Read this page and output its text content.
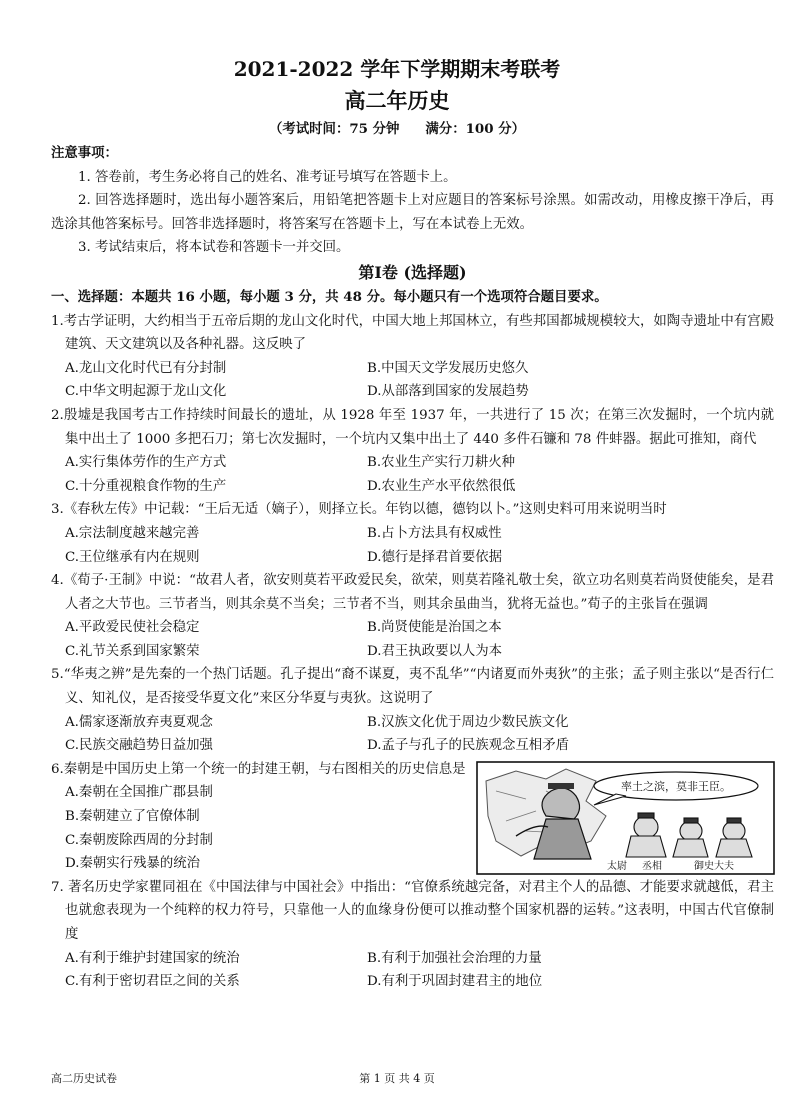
2021-2022 学年下学期期末考联考
高二年历史
（考试时间：75 分钟 满分：100 分）
注意事项：
1. 答卷前，考生务必将自己的姓名、准考证号填写在答题卡上。
2. 回答选择题时，选出每小题答案后，用铅笔把答题卡上对应题目的答案标号涂黑。如需改动，用橡皮擦干净后，再选涂其他答案标号。回答非选择题时，将答案写在答题卡上，写在本试卷上无效。
3. 考试结束后，将本试卷和答题卡一并交回。
第Ⅰ卷 (选择题)
一、选择题：本题共 16 小题，每小题 3 分，共 48 分。每小题只有一个选项符合题目要求。
1.考古学证明，大约相当于五帝后期的龙山文化时代，中国大地上邦国林立，有些邦国都城规模较大，如陶寺遗址中有宫殿建筑、天文建筑以及各种礼器。这反映了
A.龙山文化时代已有分封制	B.中国天文学发展历史悠久
C.中华文明起源于龙山文化	D.从部落到国家的发展趋势
2.殷墟是我国考古工作持续时间最长的遗址，从 1928 年至 1937 年，一共进行了 15 次；在第三次发掘时，一个坑内就集中出土了 1000 多把石刀；第七次发掘时，一个坑内又集中出土了 440 多件石镰和 78 件蚌器。据此可推知，商代
A.实行集体劳作的生产方式	B.农业生产实行刀耕火种
C.十分重视粮食作物的生产	D.农业生产水平依然很低
3.《春秋左传》中记载：“王后无适（嫡子），则择立长。年钧以德，德钧以卜。”这则史料可用来说明当时
A.宗法制度越来越完善	B.占卜方法具有权威性
C.王位继承有内在规则	D.德行是择君首要依据
4.《荀子·王制》中说：“故君人者，欲安则莫若平政爱民矣，欲荣，则莫若隆礼敬士矣，欲立功名则莫若尚贤使能矣，是君人者之大节也。三节者当，则其余莫不当矣；三节者不当，则其余虽曲当，犹将无益也。”荀子的主张旨在强调
A.平政爱民使社会稳定	B.尚贤使能是治国之本
C.礼节关系到国家繁荣	D.君王执政要以人为本
5.“华夷之辨”是先秦的一个热门话题。孔子提出“裔不谋夏，夷不乱华”“内诸夏而外夷狄”的主张；孟子则主张以“是否行仁义、知礼仪，是否接受华夏文化”来区分华夏与夷狄。这说明了
A.儒家逐渐放弃夷夏观念	B.汉族文化优于周边少数民族文化
C.民族交融趋势日益加强	D.孟子与孔子的民族观念互相矛盾
6.秦朝是中国历史上第一个统一的封建王朝，与右图相关的历史信息是
A.秦朝在全国推广郡县制
B.秦朝建立了官僚体制
C.秦朝废除西周的分封制
D.秦朝实行残暴的统治
率土之滨，莫非王臣。
太尉 丞相	御史大夫
7. 著名历史学家瞿同祖在《中国法律与中国社会》中指出：“官僚系统越完备，对君主个人的品德、才能要求就越低，君主也就愈表现为一个纯粹的权力符号，只靠他一人的血缘身份便可以推动整个国家机器的运转。”这表明，中国古代官僚制度
A.有利于维护封建国家的统治	B.有利于加强社会治理的力量
C.有利于密切君臣之间的关系	D.有利于巩固封建君主的地位
高二历史试卷	第 1 页 共 4 页
